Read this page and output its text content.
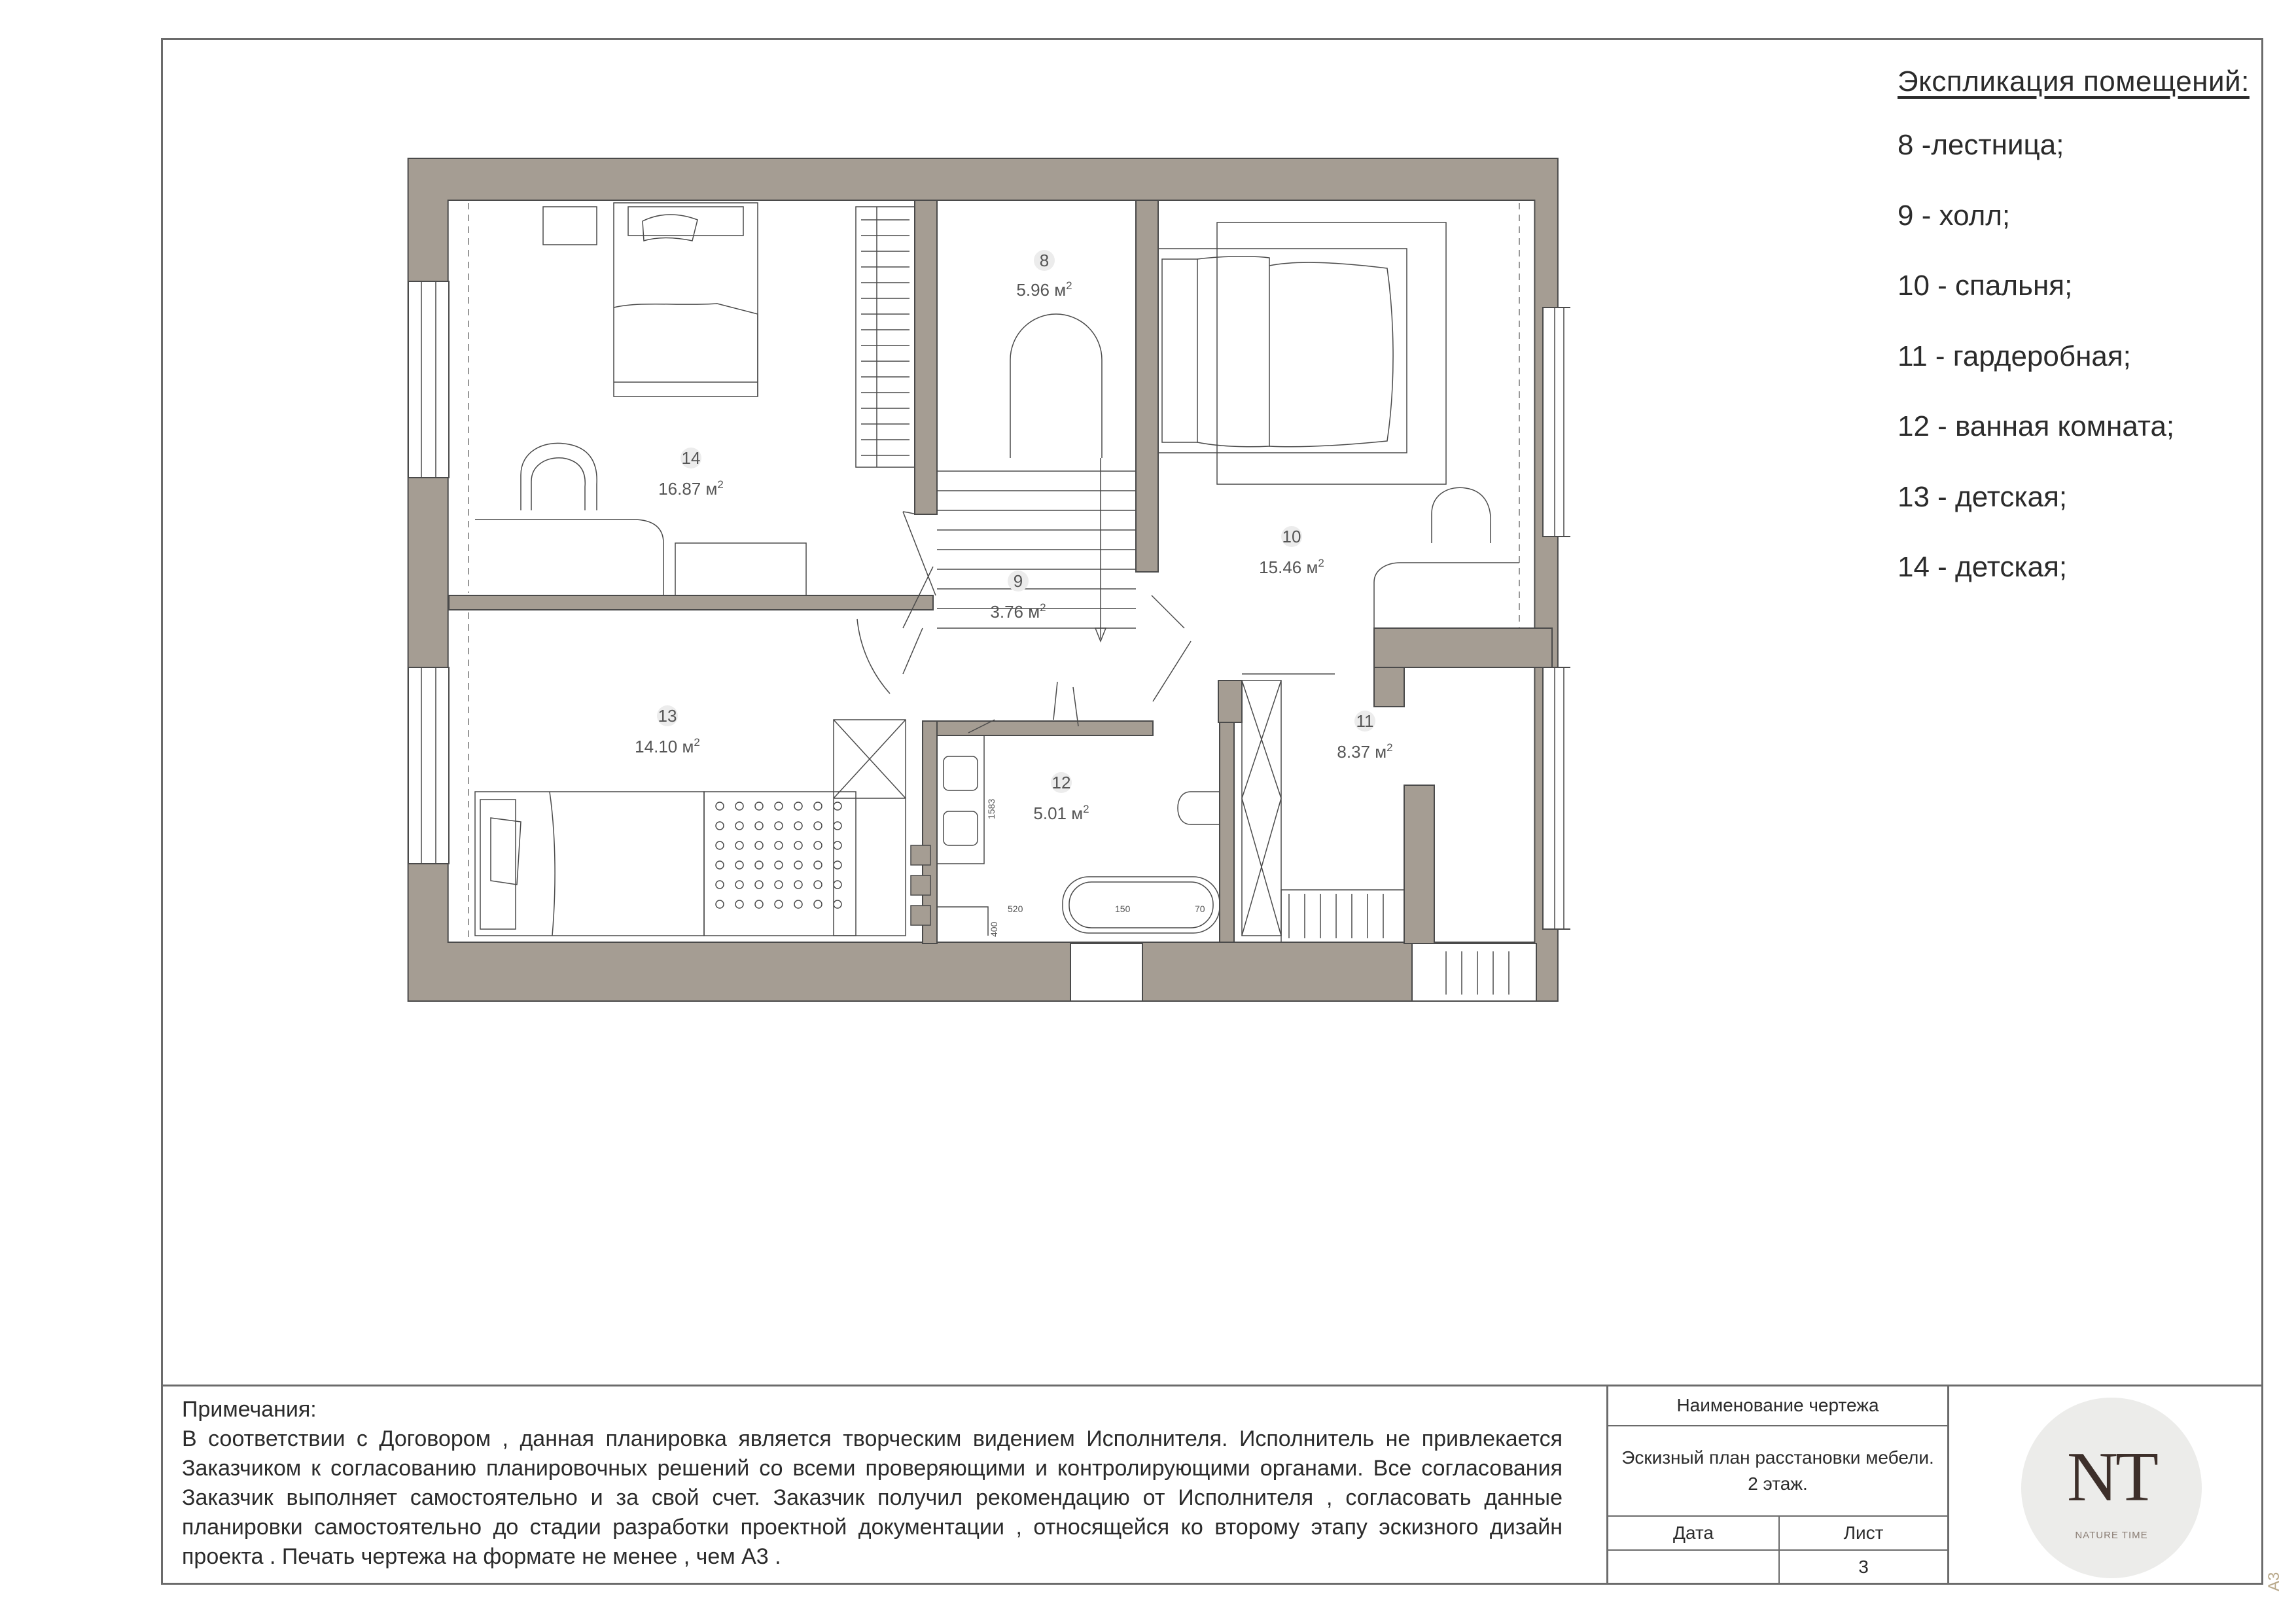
8
5.96 $м^2$
9
3.76 $м^2$
10
15.46 $м^2$
11
8.37 $м^2$
12
5.01 $м^2$
13
14.10 $м^2$
14
16.87 $м^2$
1583
520
400
150	70
Экспликация помещений:
8 -лестница;
9 - холл;
10 - спальня;
11 - гардеробная;
12 - ванная комната;
13 - детская;
14 - детская;

Примечания:

В соответствии с Договором , данная планировка является творческим видением Исполнителя. Исполнитель не привлекается Заказчиком к согласованию планировочных решений со всеми проверяющими и контролирующими органами. Все согласования Заказчик выполняет самостоятельно и за свой счет. Заказчик получил рекомендацию от Исполнителя , согласовать данные планировки самостоятельно до стадии разработки проектной документации , относящейся ко второму этапу эскизного дизайн проекта . Печать чертежа на формате не менее , чем А3 .

Наименование чертежа
Эскизный план расстановки мебели.
2 этаж.
Дата	Лист
3
NT
NATURE TIME
А3
